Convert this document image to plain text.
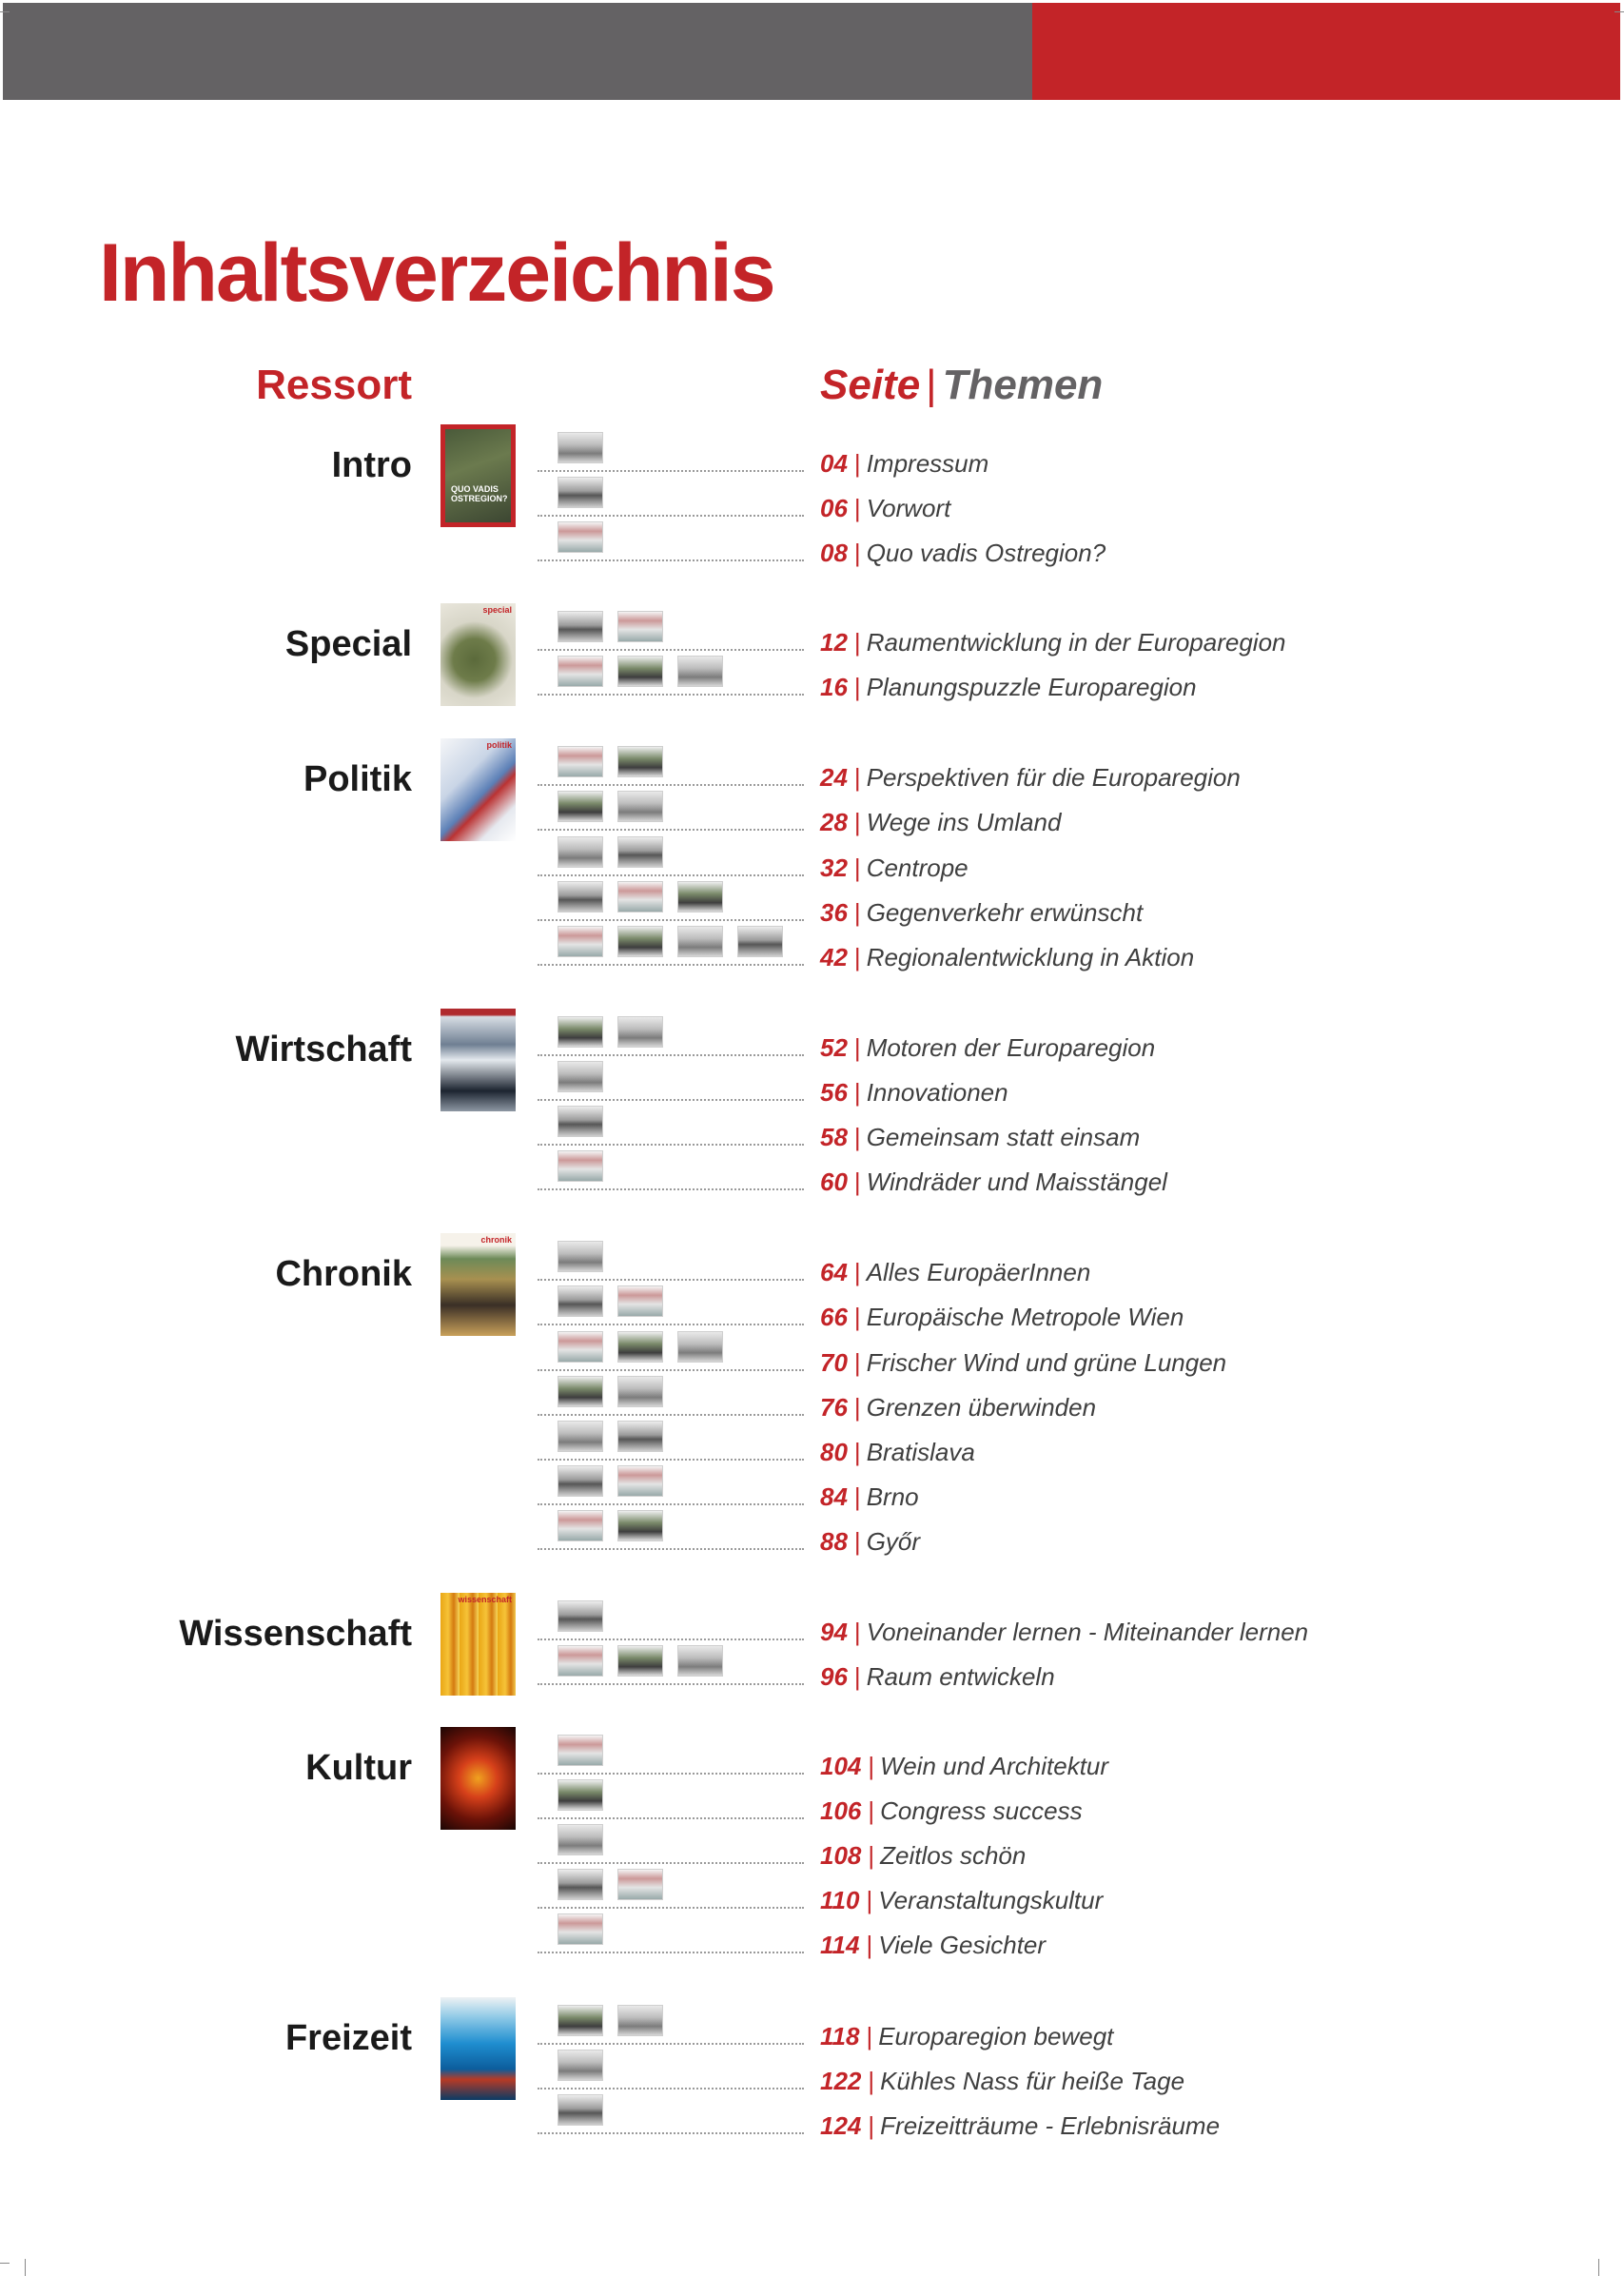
Inhaltsverzeichnis
Ressort	Seite | Themen
Intro
QUO VADIS OSTREGION?
04 | Impressum
06 | Vorwort
08 | Quo vadis Ostregion?
Special
special
12 | Raumentwicklung in der Europaregion
16 | Planungspuzzle Europaregion
Politik
politik
24 | Perspektiven für die Europaregion
28 | Wege ins Umland
32 | Centrope
36 | Gegenverkehr erwünscht
42 | Regionalentwicklung in Aktion
Wirtschaft	52 | Motoren der Europaregion
56 | Innovationen
58 | Gemeinsam statt einsam
60 | Windräder und Maisstängel
Chronik
chronik
64 | Alles EuropäerInnen
66 | Europäische Metropole Wien
70 | Frischer Wind und grüne Lungen
76 | Grenzen überwinden
80 | Bratislava
84 | Brno
88 | Győr
Wissenschaft
wissenschaft
94 | Voneinander lernen - Miteinander lernen
96 | Raum entwickeln
Kultur	104 | Wein und Architektur
106 | Congress success
108 | Zeitlos schön
110 | Veranstaltungskultur
114 | Viele Gesichter
Freizeit	118 | Europaregion bewegt
122 | Kühles Nass für heiße Tage
124 | Freizeitträume - Erlebnisräume
